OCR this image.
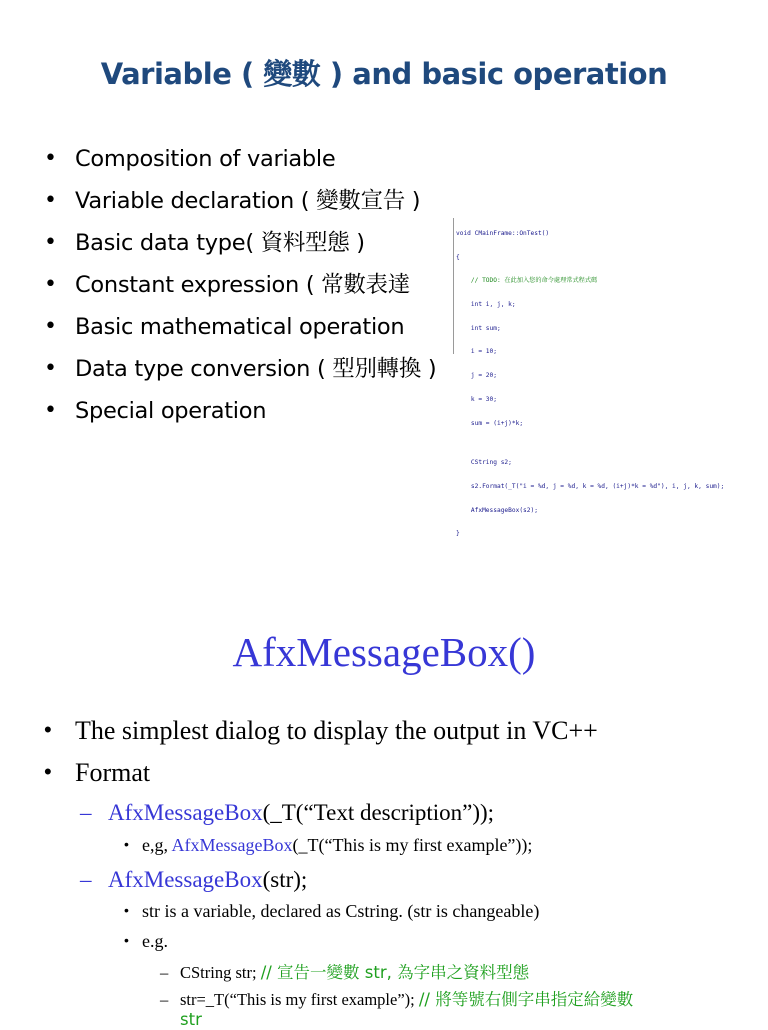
Variable ( 變數 ) and basic operation
• Composition of variable
• Variable declaration ( 變數宣告 )
• Basic data type( 資料型態 )
• Constant expression ( 常數表達
• Basic mathematical operation
• Data type conversion ( 型別轉換 )
• Special operation

void CMainFrame::OnTest()

{

// TODO: 在此加入您的命令處理常式程式碼

int i, j, k;

int sum;

i = 10;

j = 20;

k = 30;

sum = (i+j)*k;

CString s2;

s2.Format(_T("i = %d, j = %d, k = %d, (i+j)*k = %d"), i, j, k, sum);

AfxMessageBox(s2);

}

AfxMessageBox()
• The simplest dialog to display the output in VC++
• Format
– AfxMessageBox(_T(“Text description”));
• e,g, AfxMessageBox(_T(“This is my first example”));
– AfxMessageBox(str);
• str is a variable, declared as Cstring. (str is changeable)
• e.g.
– CString str; // 宣告一變數 str, 為字串之資料型態
– str=_T(“This is my first example”); // 將等號右側字串指定給變數
str
